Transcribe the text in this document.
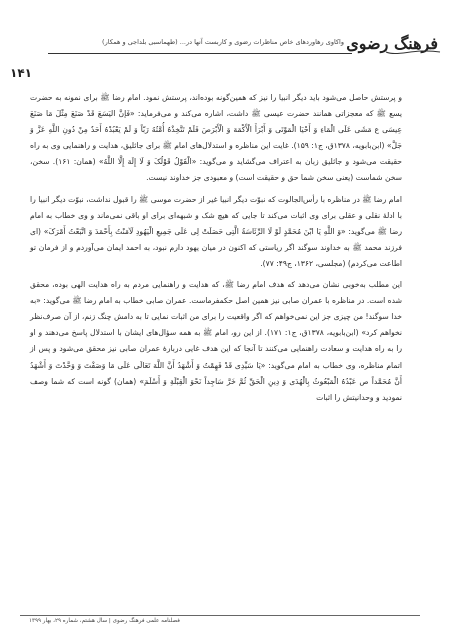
فرهنگ رضوی
واکاوی رهاوردهای خاص مناظرات رضوی و کاربست آنها در... (طهماسبی بلداجی و همکار)
۱۴۱

و پرستش حاصل می‌شود باید دیگر انبیا را نیز که همین‌گونه بوده‌اند، پرستش نمود. امام رضا ﷺ برای نمونه به حضرت یسع ﷺ که معجزاتی همانند حضرت عیسی ﷺ داشت، اشاره می‌کند و می‌فرماید: «فَإنَّ الیَسَعَ قَدْ صَنَعَ مِثْلَ مَا صَنَعَ عِیسَی ع مَشَی عَلَی الْمَاءِ وَ أَحْیَا الْمَوْتَی وَ أَبْرَأَ الْأَکْمَهَ وَ الْأَبْرَصَ فَلَمْ تَتَّخِذْهُ أُمَّتُهُ رَبّاً وَ لَمْ یَعْبُدْهُ أَحَدٌ مِنْ دُونِ اللَّهِ عَزَّ وَ جَلَّ» (ابن‌بابویه، ۱۳۷۸ق، ج۱: ۱۵۹). غایت این مناظره و استدلال‌های امام ﷺ برای جاثلیق، هدایت و راهنمایی وی به راه حقیقت می‌شود و جاثلیق زبان به اعتراف می‌گشاید و می‌گوید: «الْقَوْلُ قَوْلُکَ وَ لَا إِلَهَ إِلَّا اللَّهُ» (همان: ۱۶۱). سخن، سخن شماست (یعنی سخن شما حق و حقیقت است) و معبودی جز خداوند نیست.

امام رضا ﷺ در مناظره با رأس‌الجالوت که نبوّت دیگر انبیا غیر از حضرت موسی ﷺ را قبول نداشت، نبوّت دیگر انبیا را با ادلهٔ نقلی و عقلی برای وی اثبات می‌کند تا جایی که هیچ شک و شبهه‌ای برای او باقی نمی‌ماند و وی خطاب به امام رضا ﷺ می‌گوید: «وَ اللَّهِ یَا ابْنَ مُحَمَّدٍ لَوْ لَا الرِّئَاسَةُ الَّتِی حَصَلَتْ لِی عَلَی جَمِیعِ الْیَهُودِ لَآمَنْتُ بِأَحْمَدَ وَ اتَّبَعْتُ أَمْرَکَ» (ای فرزند محمد ﷺ به خداوند سوگند اگر ریاستی که اکنون در میان یهود دارم نبود، به احمد ایمان می‌آوردم و از فرمان تو اطاعت می‌کردم) (مجلسی، ۱۳۶۲، ج۴۹: ۷۷).

این مطلب به‌خوبی نشان می‌دهد که هدف امام رضا ﷺ، که هدایت و راهنمایی مردم به راه هدایت الهی بوده، محقق شده است. در مناظره با عمران صابی نیز همین اصل حکمفرماست. عمران صابی خطاب به امام رضا ﷺ می‌گوید: «به خدا سوگند! من چیزی جز این نمی‌خواهم که اگر واقعیت را برای من اثبات نمایی تا به دامش چنگ زنم، از آن صرف‌نظر نخواهم کرد» (ابن‌بابویه، ۱۳۷۸ق، ج۱: ۱۷۱). از این رو، امام ﷺ به همه سؤال‌های ایشان با استدلال پاسخ می‌دهند و او را به راه هدایت و سعادت راهنمایی می‌کنند تا آنجا که این هدف غایی دربارهٔ عمران صابی نیز محقق می‌شود و پس از اتمام مناظره، وی خطاب به امام می‌گوید: «یَا سَیِّدِی قَدْ فَهِمْتُ وَ أَشْهَدُ أَنَّ اللَّهَ تَعَالَی عَلَی مَا وَصَفْتَ وَ وَحَّدْتَ وَ أَشْهَدُ أَنَّ مُحَمَّداً ص عَبْدُهُ الْمَبْعُوثُ بِالْهُدَی وَ دِینِ الْحَقِّ ثُمَّ خَرَّ سَاجِداً نَحْوَ الْقِبْلَةِ وَ أَسْلَمَ» (همان) گونه است که شما وصف نمودید و وحدانیتش را اثبات

فصلنامه علمی فرهنگ رضوی | سال هشتم، شماره ۲۹، بهار ۱۳۹۹
